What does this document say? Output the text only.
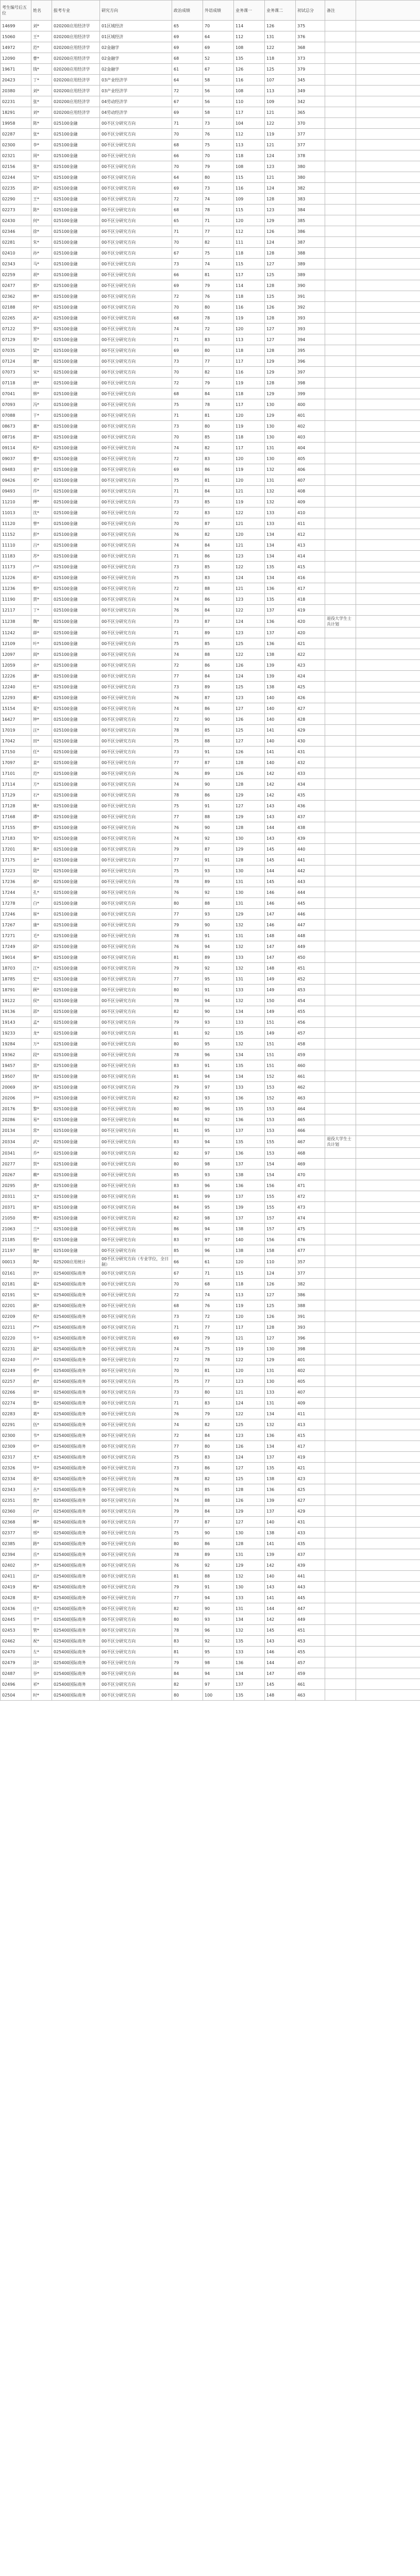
考生编号后五位	姓名	报考专业	研究方向	政治成绩	外语成绩	业务课一	业务课二	初试总分	备注	
14699	刘*	020200应用经济学	01区域经济	65	70	114	126	375		
15060	王*	020200应用经济学	01区域经济	69	64	112	131	376		
14972	范*	020200应用经济学	02金融学	69	69	108	122	368		
12090	曹*	020200应用经济学	02金融学	68	52	135	118	373		
19671	钱*	020200应用经济学	02金融学	61	67	126	125	379		
20423	丁*	020200应用经济学	03产业经济学	64	58	116	107	345		
20380	刘*	020200应用经济学	03产业经济学	72	56	108	113	349		
02231	张*	020200应用经济学	04劳动经济学	67	56	110	109	342		
18291	刘*	020200应用经济学	04劳动经济学	69	58	117	121	365		
19958	陈*	025100金融	00不区分研究方向	71	73	104	122	370		
02287	张*	025100金融	00不区分研究方向	70	76	112	119	377		
02300	李*	025100金融	00不区分研究方向	68	75	113	121	377		
02321	周*	025100金融	00不区分研究方向	66	70	118	124	378		
02156	张*	025100金融	00不区分研究方向	70	79	108	123	380		
02244	吴*	025100金融	00不区分研究方向	64	80	115	121	380		
02235	邵*	025100金融	00不区分研究方向	69	73	116	124	382		
02290	王*	025100金融	00不区分研究方向	72	74	109	128	383		
02273	陈*	025100金融	00不区分研究方向	68	78	115	123	384		
02430	何*	025100金融	00不区分研究方向	65	71	120	129	385		
02346	徐*	025100金融	00不区分研究方向	71	77	112	126	386		
02281	朱*	025100金融	00不区分研究方向	70	82	111	124	387		
02410	孙*	025100金融	00不区分研究方向	67	75	118	128	388		
02343	马*	025100金融	00不区分研究方向	73	74	115	127	389		
02259	胡*	025100金融	00不区分研究方向	66	81	117	125	389		
02477	郭*	025100金融	00不区分研究方向	69	79	114	128	390		
02362	林*	025100金融	00不区分研究方向	72	76	118	125	391		
02188	何*	025100金融	00不区分研究方向	70	80	116	126	392		
02265	高*	025100金融	00不区分研究方向	68	78	119	128	393		
07122	罗*	025100金融	00不区分研究方向	74	72	120	127	393		
07129	郑*	025100金融	00不区分研究方向	71	83	113	127	394		
07035	梁*	025100金融	00不区分研究方向	69	80	118	128	395		
07124	谢*	025100金融	00不区分研究方向	73	77	117	129	396		
07073	宋*	025100金融	00不区分研究方向	70	82	116	129	397		
07118	唐*	025100金融	00不区分研究方向	72	79	119	128	398		
07041	韩*	025100金融	00不区分研究方向	68	84	118	129	399		
07093	冯*	025100金融	00不区分研究方向	75	78	117	130	400		
07088	于*	025100金融	00不区分研究方向	71	81	120	129	401		
08673	董*	025100金融	00不区分研究方向	73	80	119	130	402		
08716	萧*	025100金融	00不区分研究方向	70	85	118	130	403		
09114	程*	025100金融	00不区分研究方向	74	82	117	131	404		
09037	曹*	025100金融	00不区分研究方向	72	83	120	130	405		
09483	袁*	025100金融	00不区分研究方向	69	86	119	132	406		
09426	邓*	025100金融	00不区分研究方向	75	81	120	131	407		
09493	许*	025100金融	00不区分研究方向	71	84	121	132	408		
11210	傅*	025100金融	00不区分研究方向	73	85	119	132	409		
11013	沈*	025100金融	00不区分研究方向	72	83	122	133	410		
11120	曾*	025100金融	00不区分研究方向	70	87	121	133	411		
11152	彭*	025100金融	00不区分研究方向	76	82	120	134	412		
11110	吕*	025100金融	00不区分研究方向	74	84	121	134	413		
11183	苏*	025100金融	00不区分研究方向	71	86	123	134	414		
11173	卢*	025100金融	00不区分研究方向	73	85	122	135	415		
11226	蒋*	025100金融	00不区分研究方向	75	83	124	134	416		
11236	蔡*	025100金融	00不区分研究方向	72	88	121	136	417		
11190	贾*	025100金融	00不区分研究方向	74	86	123	135	418		
12117	丁*	025100金融	00不区分研究方向	76	84	122	137	419		
11238	魏*	025100金融	00不区分研究方向	73	87	124	136	420	退役大学生士兵计划	
11242	薛*	025100金融	00不区分研究方向	71	89	123	137	420		
12109	叶*	025100金融	00不区分研究方向	75	85	125	136	421		
12097	阎*	025100金融	00不区分研究方向	74	88	122	138	422		
12059	余*	025100金融	00不区分研究方向	72	86	126	139	423		
12226	潘*	025100金融	00不区分研究方向	77	84	124	139	424		
12240	杜*	025100金融	00不区分研究方向	73	89	125	138	425		
12293	戴*	025100金融	00不区分研究方向	76	87	123	140	426		
15154	夏*	025100金融	00不区分研究方向	74	86	127	140	427		
16427	钟*	025100金融	00不区分研究方向	72	90	126	140	428		
17019	汪*	025100金融	00不区分研究方向	78	85	125	141	429		
17042	田*	025100金融	00不区分研究方向	75	88	127	140	430		
17150	任*	025100金融	00不区分研究方向	73	91	126	141	431		
17097	姜*	025100金融	00不区分研究方向	77	87	128	140	432		
17101	范*	025100金融	00不区分研究方向	76	89	126	142	433		
17114	方*	025100金融	00不区分研究方向	74	90	128	142	434		
17129	石*	025100金融	00不区分研究方向	78	86	129	142	435		
17128	姚*	025100金融	00不区分研究方向	75	91	127	143	436		
17168	谭*	025100金融	00不区分研究方向	77	88	129	143	437		
17155	廖*	025100金融	00不区分研究方向	76	90	128	144	438		
17183	邹*	025100金融	00不区分研究方向	74	92	130	143	439		
17201	熊*	025100金融	00不区分研究方向	79	87	129	145	440		
17175	金*	025100金融	00不区分研究方向	77	91	128	145	441		
17223	陆*	025100金融	00不区分研究方向	75	93	130	144	442		
17236	郝*	025100金融	00不区分研究方向	78	89	131	145	443		
17244	孔*	025100金融	00不区分研究方向	76	92	130	146	444		
17278	白*	025100金融	00不区分研究方向	80	88	131	146	445		
17246	崔*	025100金融	00不区分研究方向	77	93	129	147	446		
17267	康*	025100金融	00不区分研究方向	79	90	132	146	447		
17271	毛*	025100金融	00不区分研究方向	78	91	131	148	448		
17249	邱*	025100金融	00不区分研究方向	76	94	132	147	449		
19014	秦*	025100金融	00不区分研究方向	81	89	133	147	450		
18703	江*	025100金融	00不区分研究方向	79	92	132	148	451		
18785	史*	025100金融	00不区分研究方向	77	95	131	149	452		
18791	顾*	025100金融	00不区分研究方向	80	91	133	149	453		
19122	侯*	025100金融	00不区分研究方向	78	94	132	150	454		
19136	邵*	025100金融	00不区分研究方向	82	90	134	149	455		
19143	孟*	025100金融	00不区分研究方向	79	93	133	151	456		
19233	龙*	025100金融	00不区分研究方向	81	92	135	149	457		
19284	万*	025100金融	00不区分研究方向	80	95	132	151	458		
19362	段*	025100金融	00不区分研究方向	78	96	134	151	459		
19457	雷*	025100金融	00不区分研究方向	83	91	135	151	460		
19507	钱*	025100金融	00不区分研究方向	81	94	134	152	461		
20069	汤*	025100金融	00不区分研究方向	79	97	133	153	462		
20206	尹*	025100金融	00不区分研究方向	82	93	136	152	463		
20176	黎*	025100金融	00不区分研究方向	80	96	135	153	464		
20286	易*	025100金融	00不区分研究方向	84	92	136	153	465		
20134	常*	025100金融	00不区分研究方向	81	95	137	153	466		
20334	武*	025100金融	00不区分研究方向	83	94	135	155	467	退役大学生士兵计划	
20341	乔*	025100金融	00不区分研究方向	82	97	136	153	468		
20277	贺*	025100金融	00不区分研究方向	80	98	137	154	469		
20267	赖*	025100金融	00不区分研究方向	85	93	138	154	470		
20295	龚*	025100金融	00不区分研究方向	83	96	136	156	471		
20311	文*	025100金融	00不区分研究方向	81	99	137	155	472		
20371	庞*	025100金融	00不区分研究方向	84	95	139	155	473		
21050	樊*	025100金融	00不区分研究方向	82	98	137	157	474		
21063	兰*	025100金融	00不区分研究方向	86	94	138	157	475		
21185	殷*	025100金融	00不区分研究方向	83	97	140	156	476		
21197	施*	025100金融	00不区分研究方向	85	96	138	158	477		
00013	陶*	025200应用统计	00不区分研究方向（专业学位，全日制）	66	61	120	110	357		
02161	洪*	025400国际商务	00不区分研究方向	67	71	115	124	377		
02181	翟*	025400国际商务	00不区分研究方向	70	68	118	126	382		
02191	安*	025400国际商务	00不区分研究方向	72	74	113	127	386		
02201	颜*	025400国际商务	00不区分研究方向	68	76	119	125	388		
02209	倪*	025400国际商务	00不区分研究方向	73	72	120	126	391		
02211	严*	025400国际商务	00不区分研究方向	71	77	117	128	393		
02220	牛*	025400国际商务	00不区分研究方向	69	79	121	127	396		
02231	温*	025400国际商务	00不区分研究方向	74	75	119	130	398		
02240	芦*	025400国际商务	00不区分研究方向	72	78	122	129	401		
02249	季*	025400国际商务	00不区分研究方向	70	81	120	131	402		
02257	俞*	025400国际商务	00不区分研究方向	75	77	123	130	405		
02266	章*	025400国际商务	00不区分研究方向	73	80	121	133	407		
02274	鲁*	025400国际商务	00不区分研究方向	71	83	124	131	409		
02283	葛*	025400国际商务	00不区分研究方向	76	79	122	134	411		
02291	伍*	025400国际商务	00不区分研究方向	74	82	125	132	413		
02300	韦*	025400国际商务	00不区分研究方向	72	84	123	136	415		
02309	申*	025400国际商务	00不区分研究方向	77	80	126	134	417		
02317	尤*	025400国际商务	00不区分研究方向	75	83	124	137	419		
02326	毕*	025400国际商务	00不区分研究方向	73	86	127	135	421		
02334	聂*	025400国际商务	00不区分研究方向	78	82	125	138	423		
02343	丛*	025400国际商务	00不区分研究方向	76	85	128	136	425		
02351	焦*	025400国际商务	00不区分研究方向	74	88	126	139	427		
02360	向*	025400国际商务	00不区分研究方向	79	84	129	137	429		
02368	柳*	025400国际商务	00不区分研究方向	77	87	127	140	431		
02377	邢*	025400国际商务	00不区分研究方向	75	90	130	138	433		
02385	路*	025400国际商务	00不区分研究方向	80	86	128	141	435		
02394	岳*	025400国际商务	00不区分研究方向	78	89	131	139	437		
02402	齐*	025400国际商务	00不区分研究方向	76	92	129	142	439		
02411	沿*	025400国际商务	00不区分研究方向	81	88	132	140	441		
02419	梅*	025400国际商务	00不区分研究方向	79	91	130	143	443		
02428	莫*	025400国际商务	00不区分研究方向	77	94	133	141	445		
02436	庄*	025400国际商务	00不区分研究方向	82	90	131	144	447		
02445	辛*	025400国际商务	00不区分研究方向	80	93	134	142	449		
02453	管*	025400国际商务	00不区分研究方向	78	96	132	145	451		
02462	祝*	025400国际商务	00不区分研究方向	83	92	135	143	453		
02470	左*	025400国际商务	00不区分研究方向	81	95	133	146	455		
02479	涂*	025400国际商务	00不区分研究方向	79	98	136	144	457		
02487	谷*	025400国际商务	00不区分研究方向	84	94	134	147	459		
02496	祁*	025400国际商务	00不区分研究方向	82	97	137	145	461		
02504	时*	025400国际商务	00不区分研究方向	80	100	135	148	463		
